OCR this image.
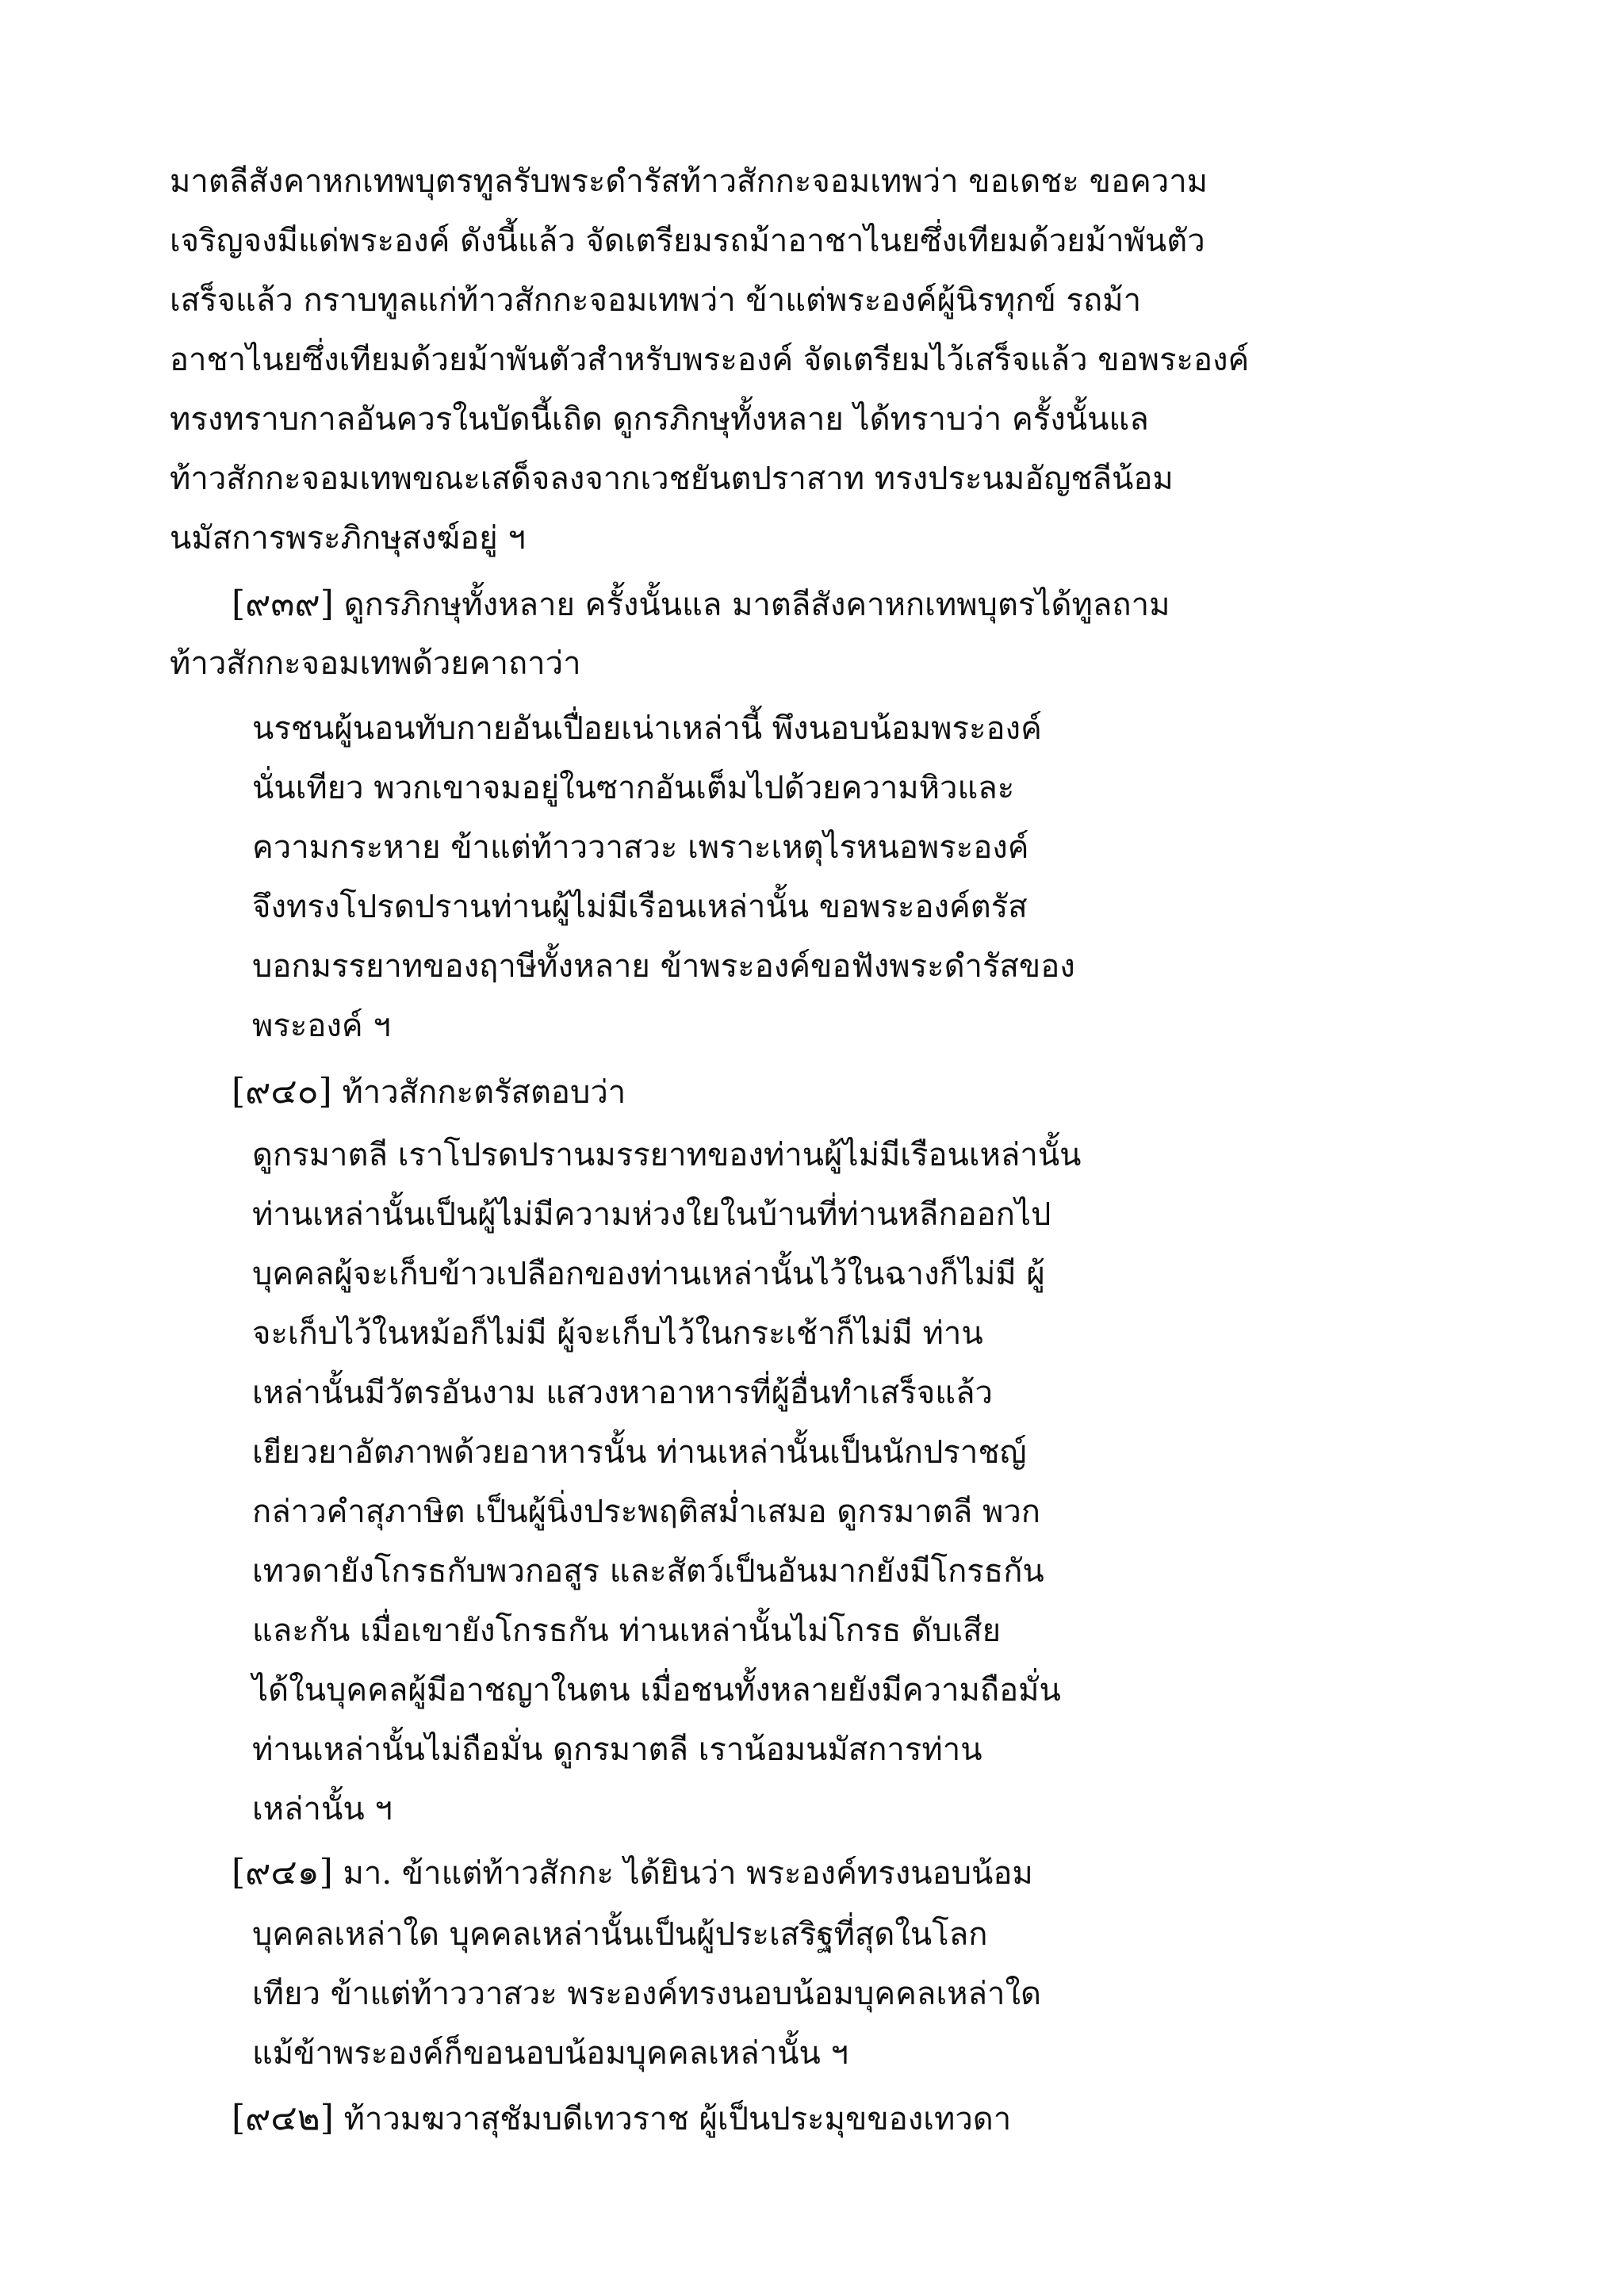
มาตลีสังคาหกเทพบุตรทูลรับพระดำรัสท้าวสักกะจอมเทพว่า ขอเดชะ ขอความ
เจริญจงมีแด่พระองค์ ดังนี้แล้ว จัดเตรียมรถม้าอาชาไนยซึ่งเทียมด้วยม้าพันตัว
เสร็จแล้ว กราบทูลแก่ท้าวสักกะจอมเทพว่า ข้าแต่พระองค์ผู้นิรทุกข์ รถม้า
อาชาไนยซึ่งเทียมด้วยม้าพันตัวสำหรับพระองค์ จัดเตรียมไว้เสร็จแล้ว ขอพระองค์
ทรงทราบกาลอันควรในบัดนี้เถิด ดูกรภิกษุทั้งหลาย ได้ทราบว่า ครั้งนั้นแล
ท้าวสักกะจอมเทพขณะเสด็จลงจากเวชยันตปราสาท ทรงประนมอัญชลีน้อม
นมัสการพระภิกษุสงฆ์อยู่ ฯ
[๙๓๙] ดูกรภิกษุทั้งหลาย ครั้งนั้นแล มาตลีสังคาหกเทพบุตรได้ทูลถาม
ท้าวสักกะจอมเทพด้วยคาถาว่า
นรชนผู้นอนทับกายอันเปื่อยเน่าเหล่านี้ พึงนอบน้อมพระองค์
นั่นเทียว พวกเขาจมอยู่ในซากอันเต็มไปด้วยความหิวและ
ความกระหาย ข้าแต่ท้าววาสวะ เพราะเหตุไรหนอพระองค์
จึงทรงโปรดปรานท่านผู้ไม่มีเรือนเหล่านั้น ขอพระองค์ตรัส
บอกมรรยาทของฤาษีทั้งหลาย ข้าพระองค์ขอฟังพระดำรัสของ
พระองค์ ฯ
[๙๔๐] ท้าวสักกะตรัสตอบว่า
ดูกรมาตลี เราโปรดปรานมรรยาทของท่านผู้ไม่มีเรือนเหล่านั้น
ท่านเหล่านั้นเป็นผู้ไม่มีความห่วงใยในบ้านที่ท่านหลีกออกไป
บุคคลผู้จะเก็บข้าวเปลือกของท่านเหล่านั้นไว้ในฉางก็ไม่มี ผู้
จะเก็บไว้ในหม้อก็ไม่มี ผู้จะเก็บไว้ในกระเช้าก็ไม่มี ท่าน
เหล่านั้นมีวัตรอันงาม แสวงหาอาหารที่ผู้อื่นทำเสร็จแล้ว
เยียวยาอัตภาพด้วยอาหารนั้น ท่านเหล่านั้นเป็นนักปราชญ์
กล่าวคำสุภาษิต เป็นผู้นิ่งประพฤติสม่ำเสมอ ดูกรมาตลี พวก
เทวดายังโกรธกับพวกอสูร และสัตว์เป็นอันมากยังมีโกรธกัน
และกัน เมื่อเขายังโกรธกัน ท่านเหล่านั้นไม่โกรธ ดับเสีย
ได้ในบุคคลผู้มีอาชญาในตน เมื่อชนทั้งหลายยังมีความถือมั่น
ท่านเหล่านั้นไม่ถือมั่น ดูกรมาตลี เราน้อมนมัสการท่าน
เหล่านั้น ฯ
[๙๔๑] มา. ข้าแต่ท้าวสักกะ ได้ยินว่า พระองค์ทรงนอบน้อม
บุคคลเหล่าใด บุคคลเหล่านั้นเป็นผู้ประเสริฐที่สุดในโลก
เทียว ข้าแต่ท้าววาสวะ พระองค์ทรงนอบน้อมบุคคลเหล่าใด
แม้ข้าพระองค์ก็ขอนอบน้อมบุคคลเหล่านั้น ฯ
[๙๔๒] ท้าวมฆวาสุชัมบดีเทวราช ผู้เป็นประมุขของเทวดา
